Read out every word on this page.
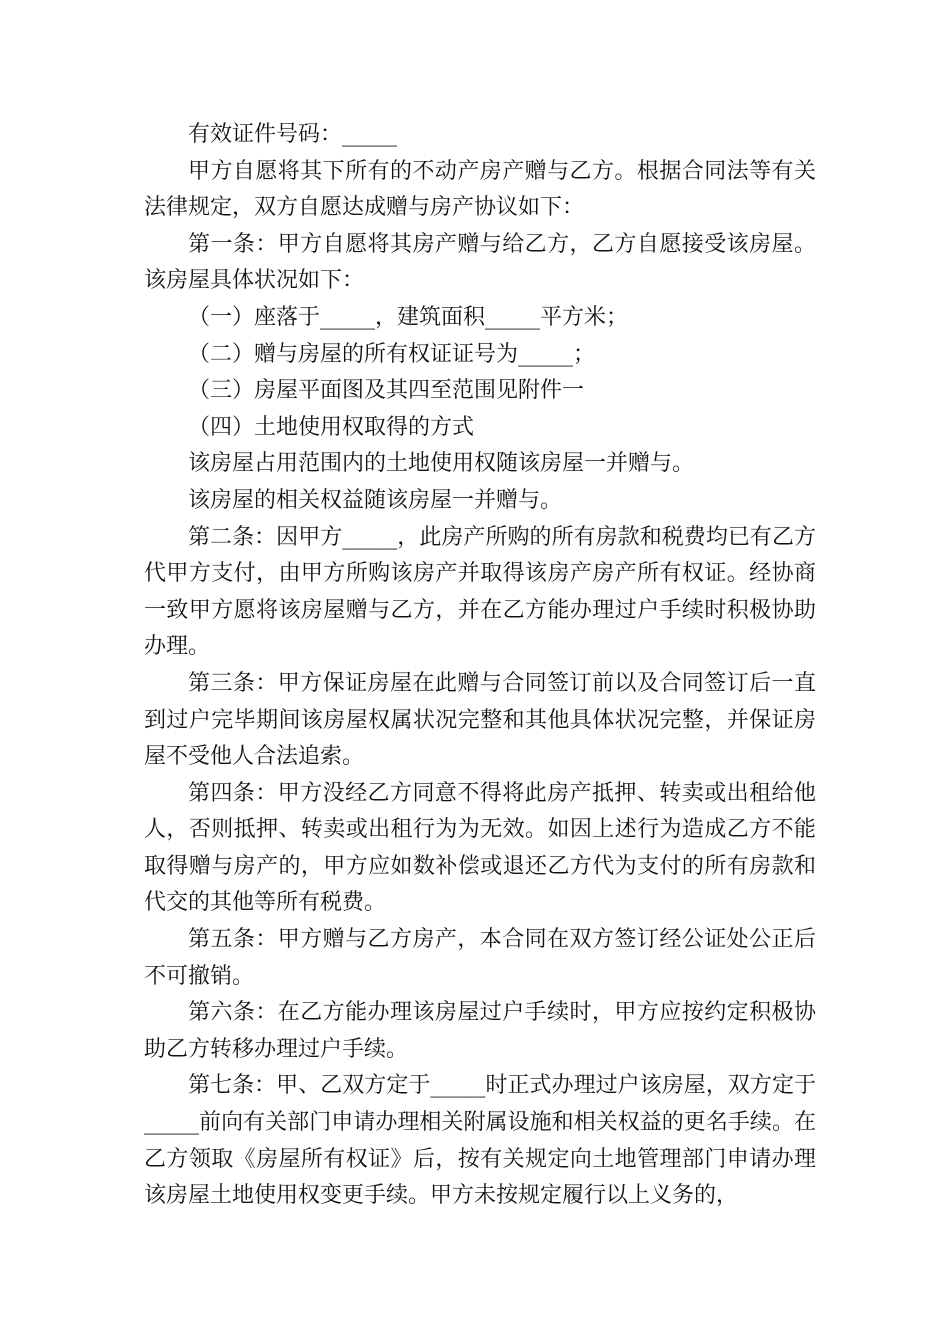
有效证件号码：_____

甲方自愿将其下所有的不动产房产赠与乙方。根据合同法等有关法律规定，双方自愿达成赠与房产协议如下：

第一条：甲方自愿将其房产赠与给乙方，乙方自愿接受该房屋。该房屋具体状况如下：

（一）座落于_____，建筑面积_____平方米；

（二）赠与房屋的所有权证证号为_____；

（三）房屋平面图及其四至范围见附件一

（四）土地使用权取得的方式

该房屋占用范围内的土地使用权随该房屋一并赠与。

该房屋的相关权益随该房屋一并赠与。

第二条：因甲方_____，此房产所购的所有房款和税费均已有乙方代甲方支付，由甲方所购该房产并取得该房产房产所有权证。经协商一致甲方愿将该房屋赠与乙方，并在乙方能办理过户手续时积极协助办理。

第三条：甲方保证房屋在此赠与合同签订前以及合同签订后一直到过户完毕期间该房屋权属状况完整和其他具体状况完整，并保证房屋不受他人合法追索。

第四条：甲方没经乙方同意不得将此房产抵押、转卖或出租给他人，否则抵押、转卖或出租行为为无效。如因上述行为造成乙方不能取得赠与房产的，甲方应如数补偿或退还乙方代为支付的所有房款和代交的其他等所有税费。

第五条：甲方赠与乙方房产，本合同在双方签订经公证处公正后不可撤销。

第六条：在乙方能办理该房屋过户手续时，甲方应按约定积极协助乙方转移办理过户手续。

第七条：甲、乙双方定于_____时正式办理过户该房屋，双方定于_____前向有关部门申请办理相关附属设施和相关权益的更名手续。在乙方领取《房屋所有权证》后，按有关规定向土地管理部门申请办理该房屋土地使用权变更手续。甲方未按规定履行以上义务的，
